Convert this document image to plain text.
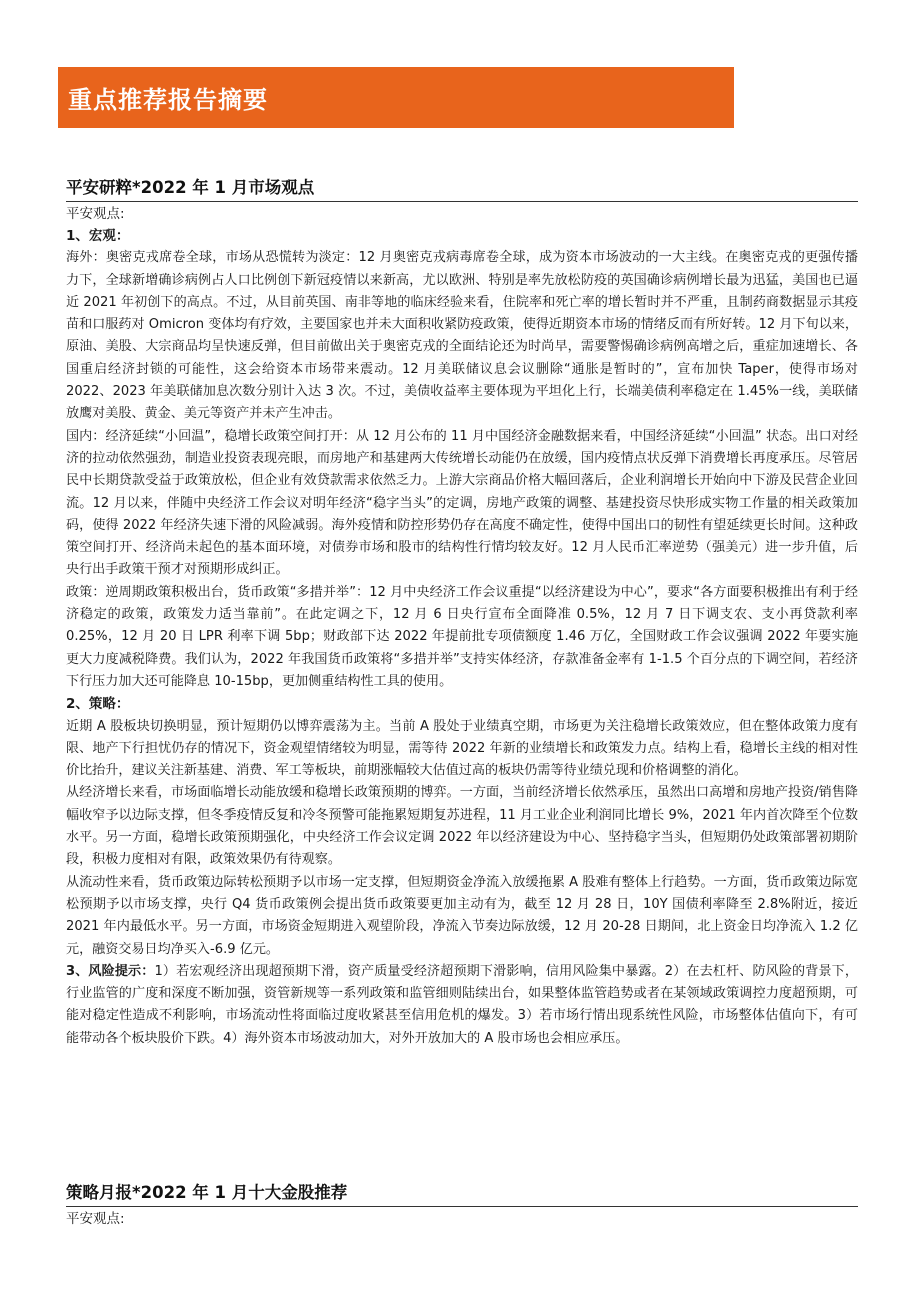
重点推荐报告摘要
平安研粹*2022 年 1 月市场观点
平安观点:
1、宏观：

海外：奥密克戎席卷全球，市场从恐慌转为淡定：12 月奥密克戎病毒席卷全球，成为资本市场波动的一大主线。在奥密克戎的更强传播力下，全球新增确诊病例占人口比例创下新冠疫情以来新高，尤以欧洲、特别是率先放松防疫的英国确诊病例增长最为迅猛，美国也已逼近 2021 年初创下的高点。不过，从目前英国、南非等地的临床经验来看，住院率和死亡率的增长暂时并不严重，且制药商数据显示其疫苗和口服药对 Omicron 变体均有疗效，主要国家也并未大面积收紧防疫政策，使得近期资本市场的情绪反而有所好转。12 月下旬以来，原油、美股、大宗商品均呈快速反弹，但目前做出关于奥密克戎的全面结论还为时尚早，需要警惕确诊病例高增之后，重症加速增长、各国重启经济封锁的可能性，这会给资本市场带来震动。12 月美联储议息会议删除“通胀是暂时的”，宣布加快 Taper，使得市场对 2022、2023 年美联储加息次数分别计入达 3 次。不过，美债收益率主要体现为平坦化上行，长端美债利率稳定在 1.45%一线，美联储放鹰对美股、黄金、美元等资产并未产生冲击。

国内：经济延续“小回温”，稳增长政策空间打开：从 12 月公布的 11 月中国经济金融数据来看，中国经济延续“小回温” 状态。出口对经济的拉动依然强劲，制造业投资表现亮眼，而房地产和基建两大传统增长动能仍在放缓，国内疫情点状反弹下消费增长再度承压。尽管居民中长期贷款受益于政策放松，但企业有效贷款需求依然乏力。上游大宗商品价格大幅回落后，企业利润增长开始向中下游及民营企业回流。12 月以来，伴随中央经济工作会议对明年经济“稳字当头”的定调，房地产政策的调整、基建投资尽快形成实物工作量的相关政策加码，使得 2022 年经济失速下滑的风险减弱。海外疫情和防控形势仍存在高度不确定性，使得中国出口的韧性有望延续更长时间。这种政策空间打开、经济尚未起色的基本面环境，对债券市场和股市的结构性行情均较友好。12 月人民币汇率逆势（强美元）进一步升值，后央行出手政策干预才对预期形成纠正。

政策：逆周期政策积极出台，货币政策“多措并举”：12 月中央经济工作会议重提“以经济建设为中心”，要求“各方面要积极推出有利于经济稳定的政策，政策发力适当靠前”。在此定调之下，12 月 6 日央行宣布全面降准 0.5%，12 月 7 日下调支农、支小再贷款利率 0.25%，12 月 20 日 LPR 利率下调 5bp；财政部下达 2022 年提前批专项债额度 1.46 万亿，全国财政工作会议强调 2022 年要实施更大力度减税降费。我们认为，2022 年我国货币政策将“多措并举”支持实体经济，存款准备金率有 1-1.5 个百分点的下调空间，若经济下行压力加大还可能降息 10-15bp，更加侧重结构性工具的使用。

2、策略：

近期 A 股板块切换明显，预计短期仍以博弈震荡为主。当前 A 股处于业绩真空期，市场更为关注稳增长政策效应，但在整体政策力度有限、地产下行担忧仍存的情况下，资金观望情绪较为明显，需等待 2022 年新的业绩增长和政策发力点。结构上看，稳增长主线的相对性价比抬升，建议关注新基建、消费、军工等板块，前期涨幅较大估值过高的板块仍需等待业绩兑现和价格调整的消化。

从经济增长来看，市场面临增长动能放缓和稳增长政策预期的博弈。一方面，当前经济增长依然承压，虽然出口高增和房地产投资/销售降幅收窄予以边际支撑，但冬季疫情反复和冷冬预警可能拖累短期复苏进程，11 月工业企业利润同比增长 9%，2021 年内首次降至个位数水平。另一方面，稳增长政策预期强化，中央经济工作会议定调 2022 年以经济建设为中心、坚持稳字当头，但短期仍处政策部署初期阶段，积极力度相对有限，政策效果仍有待观察。

从流动性来看，货币政策边际转松预期予以市场一定支撑，但短期资金净流入放缓拖累 A 股难有整体上行趋势。一方面，货币政策边际宽松预期予以市场支撑，央行 Q4 货币政策例会提出货币政策要更加主动有为，截至 12 月 28 日，10Y 国债利率降至 2.8%附近，接近 2021 年内最低水平。另一方面，市场资金短期进入观望阶段，净流入节奏边际放缓，12 月 20-28 日期间，北上资金日均净流入 1.2 亿元，融资交易日均净买入-6.9 亿元。

3、风险提示：1）若宏观经济出现超预期下滑，资产质量受经济超预期下滑影响，信用风险集中暴露。2）在去杠杆、防风险的背景下，行业监管的广度和深度不断加强，资管新规等一系列政策和监管细则陆续出台，如果整体监管趋势或者在某领域政策调控力度超预期，可能对稳定性造成不利影响，市场流动性将面临过度收紧甚至信用危机的爆发。3）若市场行情出现系统性风险，市场整体估值向下，有可能带动各个板块股价下跌。4）海外资本市场波动加大，对外开放加大的 A 股市场也会相应承压。

策略月报*2022 年 1 月十大金股推荐
平安观点:
